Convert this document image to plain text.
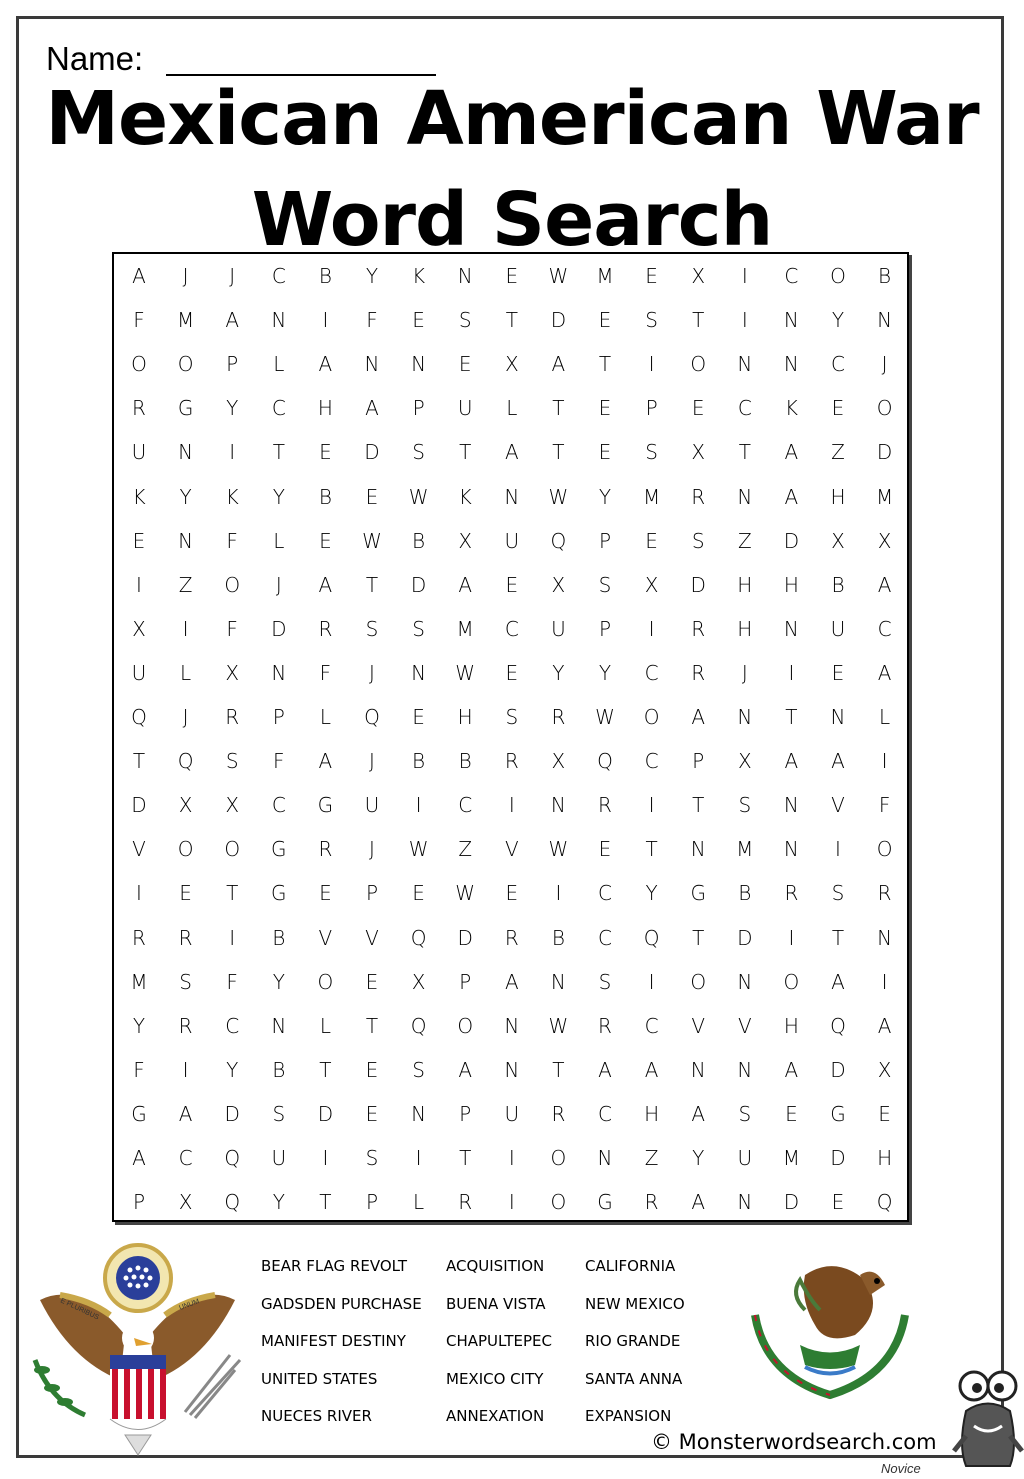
Name:
Mexican American War
Word Search
A	J	J	C	B	Y	K	N	E	W	M	E	X	I	C	O	B
F	M	A	N	I	F	E	S	T	D	E	S	T	I	N	Y	N
O	O	P	L	A	N	N	E	X	A	T	I	O	N	N	C	J
R	G	Y	C	H	A	P	U	L	T	E	P	E	C	K	E	O
U	N	I	T	E	D	S	T	A	T	E	S	X	T	A	Z	D
K	Y	K	Y	B	E	W	K	N	W	Y	M	R	N	A	H	M
E	N	F	L	E	W	B	X	U	Q	P	E	S	Z	D	X	X
I	Z	O	J	A	T	D	A	E	X	S	X	D	H	H	B	A
X	I	F	D	R	S	S	M	C	U	P	I	R	H	N	U	C
U	L	X	N	F	J	N	W	E	Y	Y	C	R	J	I	E	A
Q	J	R	P	L	Q	E	H	S	R	W	O	A	N	T	N	L
T	Q	S	F	A	J	B	B	R	X	Q	C	P	X	A	A	I
D	X	X	C	G	U	I	C	I	N	R	I	T	S	N	V	F
V	O	O	G	R	J	W	Z	V	W	E	T	N	M	N	I	O
I	E	T	G	E	P	E	W	E	I	C	Y	G	B	R	S	R
R	R	I	B	V	V	Q	D	R	B	C	Q	T	D	I	T	N
M	S	F	Y	O	E	X	P	A	N	S	I	O	N	O	A	I
Y	R	C	N	L	T	Q	O	N	W	R	C	V	V	H	Q	A
F	I	Y	B	T	E	S	A	N	T	A	A	N	N	A	D	X
G	A	D	S	D	E	N	P	U	R	C	H	A	S	E	G	E
A	C	Q	U	I	S	I	T	I	O	N	Z	Y	U	M	D	H
P	X	Q	Y	T	P	L	R	I	O	G	R	A	N	D	E	Q
BEAR FLAG REVOLT
GADSDEN PURCHASE
MANIFEST DESTINY
UNITED STATES
NUECES RIVER
ACQUISITION
BUENA VISTA
CHAPULTEPEC
MEXICO CITY
ANNEXATION
CALIFORNIA
NEW MEXICO
RIO GRANDE
SANTA ANNA
EXPANSION
E PLURIBUS	UNUM
© Monsterwordsearch.com
Novice
